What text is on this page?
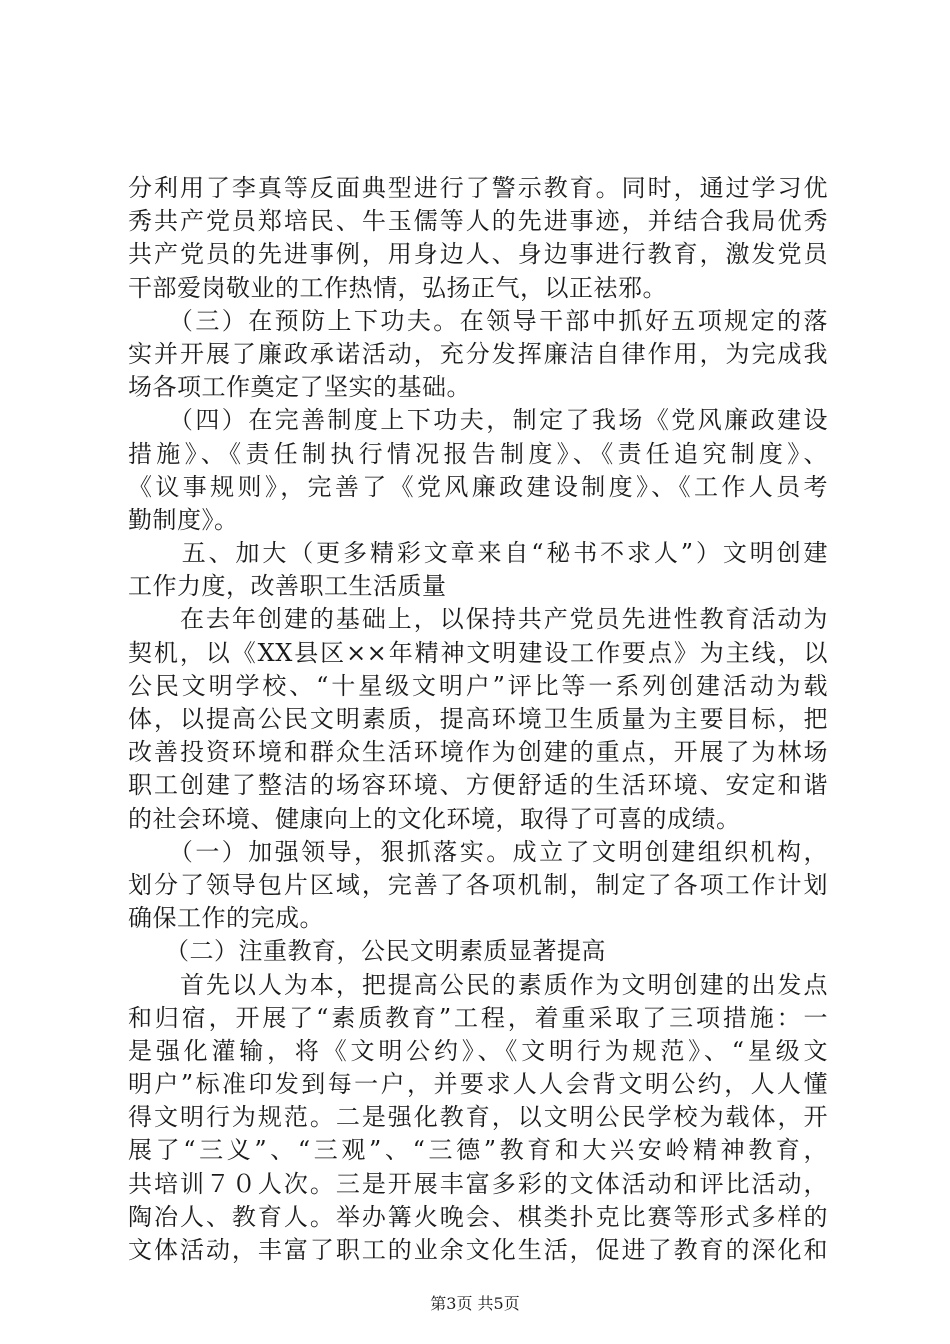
分利用了李真等反面典型进行了警示教育。同时，通过学习优
秀共产党员郑培民、牛玉儒等人的先进事迹，并结合我局优秀
共产党员的先进事例，用身边人、身边事进行教育，激发党员
干部爱岗敬业的工作热情，弘扬正气，以正祛邪。
　　（三）在预防上下功夫。在领导干部中抓好五项规定的落
实并开展了廉政承诺活动，充分发挥廉洁自律作用，为完成我
场各项工作奠定了坚实的基础。
　　（四）在完善制度上下功夫，制定了我场《党风廉政建设
措施》、《责任制执行情况报告制度》、《责任追究制度》、
《议事规则》，完善了《党风廉政建设制度》、《工作人员考
勤制度》。
　　五、加大（更多精彩文章来自“秘书不求人”）文明创建
工作力度，改善职工生活质量
　　在去年创建的基础上，以保持共产党员先进性教育活动为
契机，以《XX县区××年精神文明建设工作要点》为主线，以
公民文明学校、“十星级文明户”评比等一系列创建活动为载
体，以提高公民文明素质，提高环境卫生质量为主要目标，把
改善投资环境和群众生活环境作为创建的重点，开展了为林场
职工创建了整洁的场容环境、方便舒适的生活环境、安定和谐
的社会环境、健康向上的文化环境，取得了可喜的成绩。
　　（一）加强领导，狠抓落实。成立了文明创建组织机构，
划分了领导包片区域，完善了各项机制，制定了各项工作计划
确保工作的完成。
　　（二）注重教育，公民文明素质显著提高
　　首先以人为本，把提高公民的素质作为文明创建的出发点
和归宿，开展了“素质教育”工程，着重采取了三项措施：一
是强化灌输，将《文明公约》、《文明行为规范》、“星级文
明户”标准印发到每一户，并要求人人会背文明公约，人人懂
得文明行为规范。二是强化教育，以文明公民学校为载体，开
展了“三义”、“三观”、“三德”教育和大兴安岭精神教育，
共培训７０人次。三是开展丰富多彩的文体活动和评比活动，
陶冶人、教育人。举办篝火晚会、棋类扑克比赛等形式多样的
文体活动，丰富了职工的业余文化生活，促进了教育的深化和
第3页 共5页
